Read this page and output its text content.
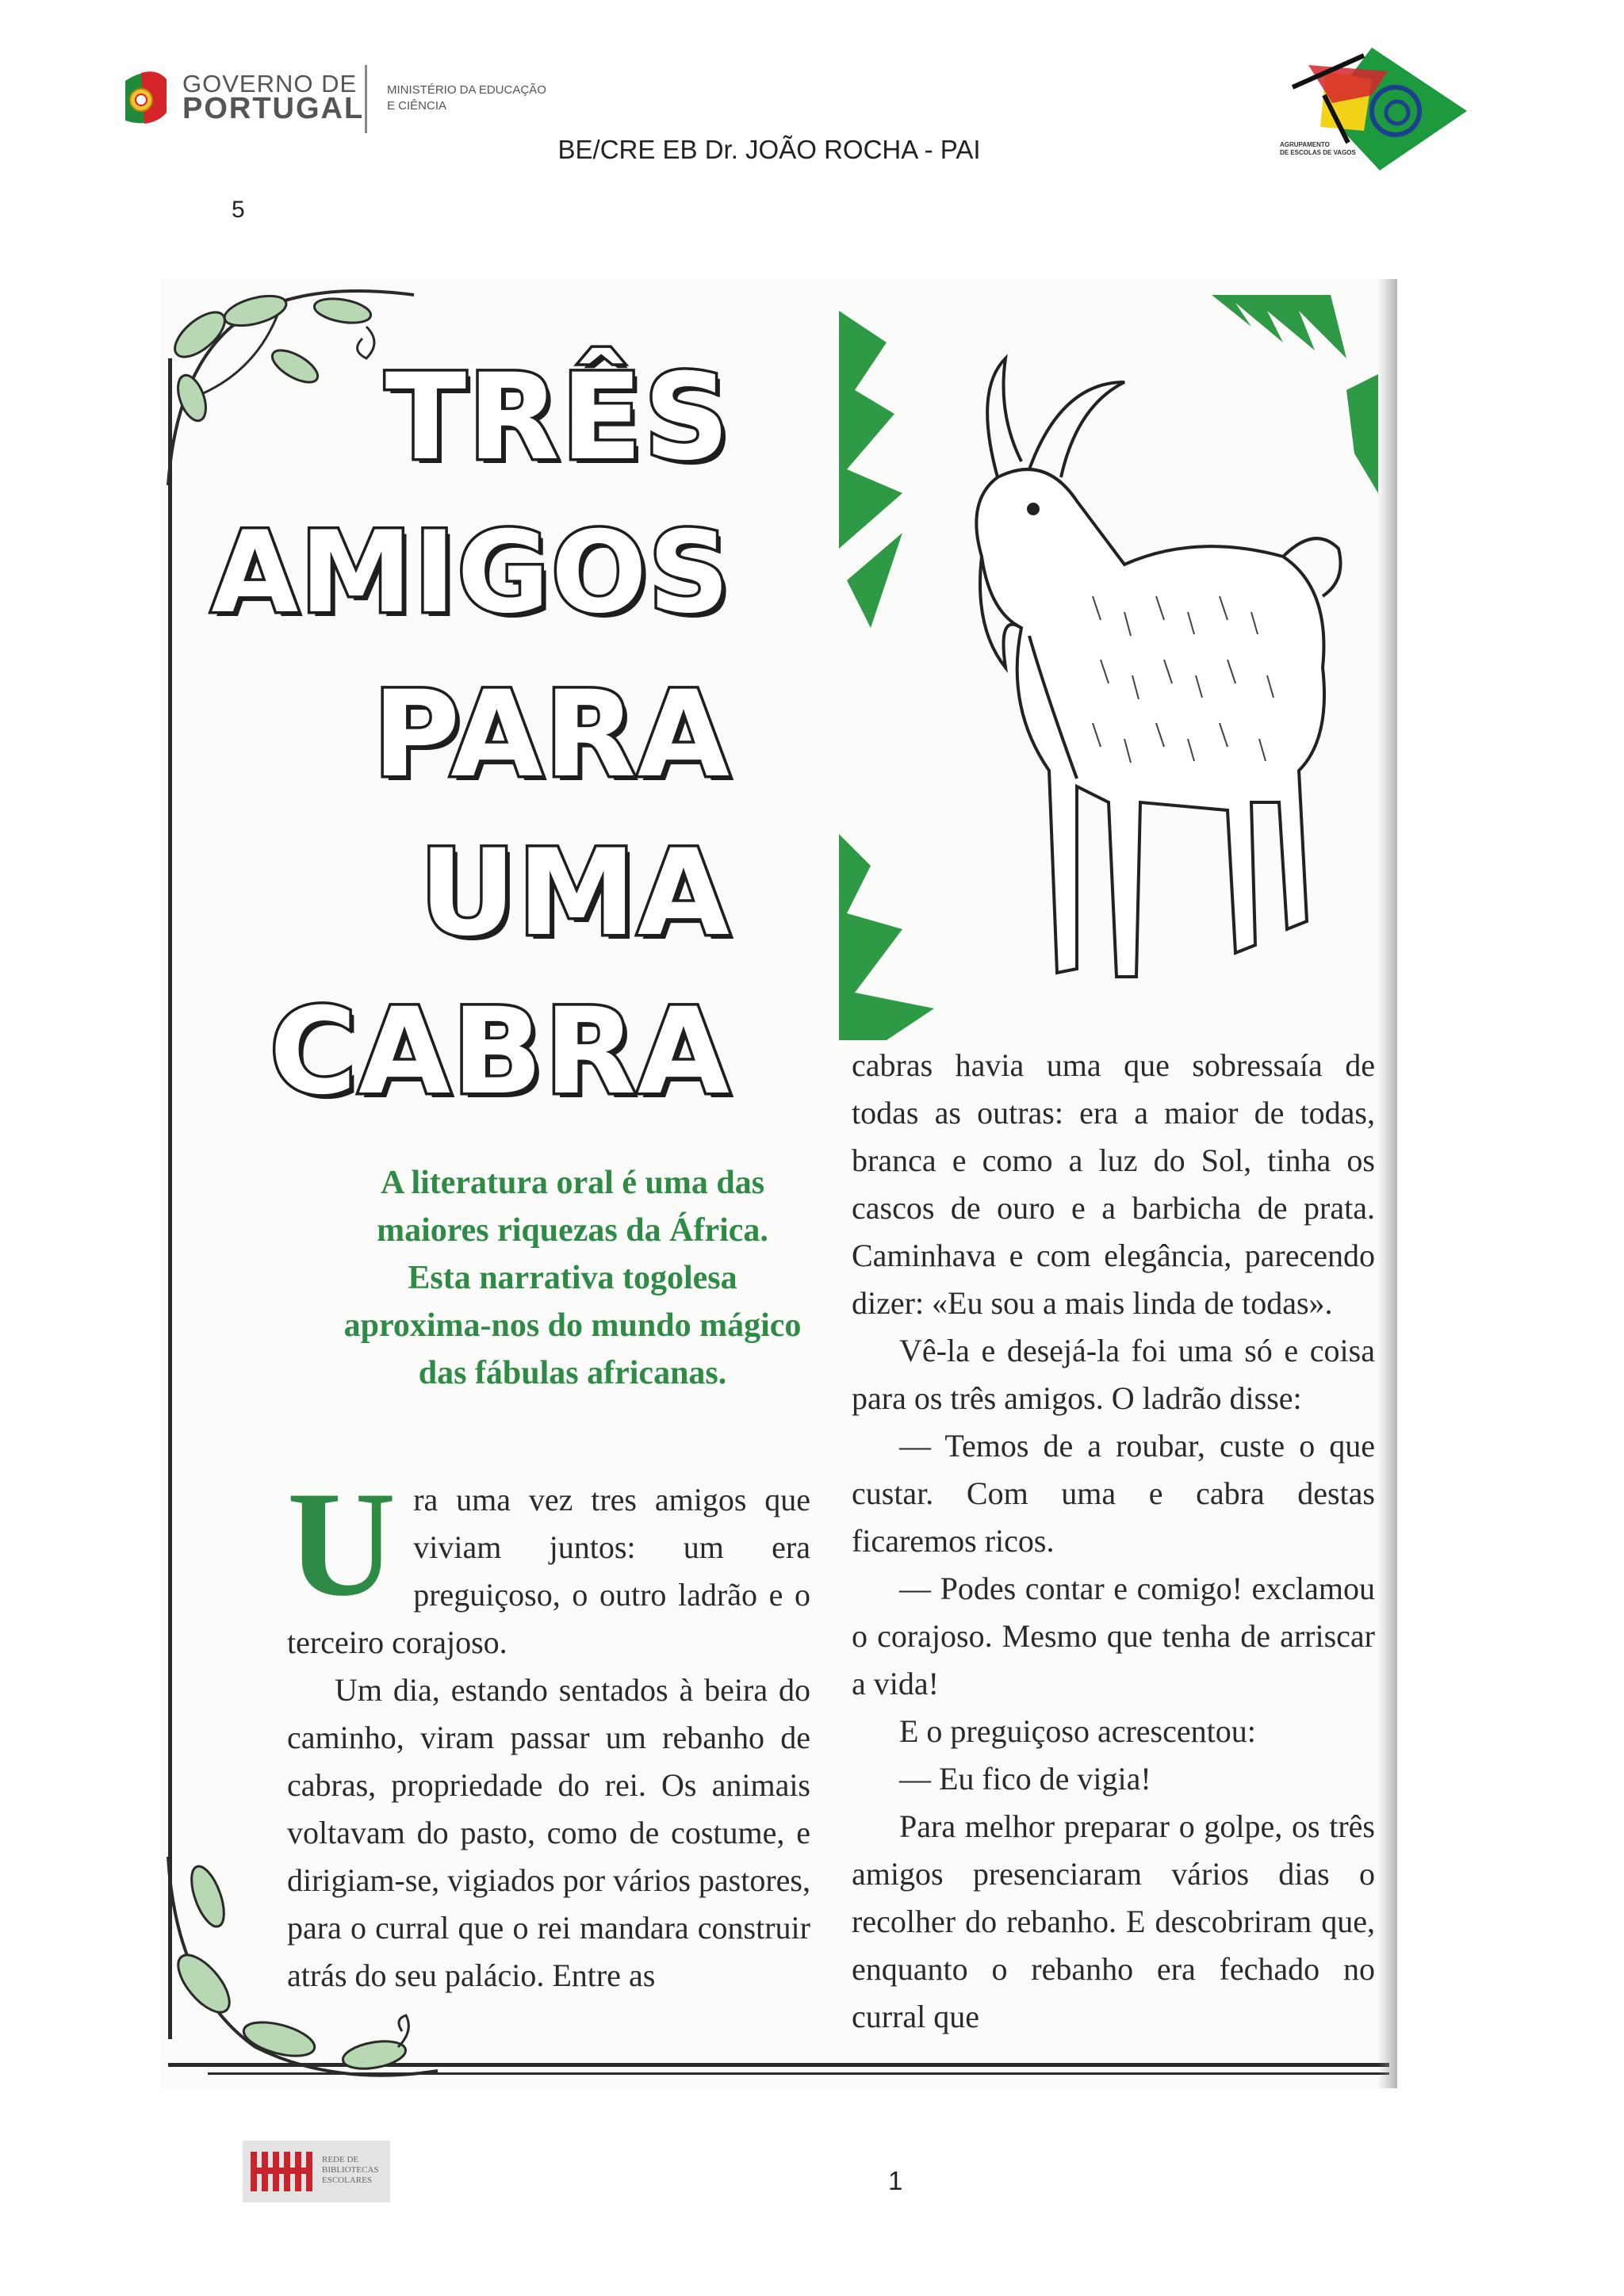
GOVERNO DE
PORTUGAL
MINISTÉRIO DA EDUCAÇÃO
E CIÊNCIA
BE/CRE EB Dr. JOÃO ROCHA - PAI	AGRUPAMENTO
DE ESCOLAS DE VAGOS
5
TRÊS
AMIGOS
PARA
UMA
CABRA
A literatura oral é uma das
maiores riquezas da África.
Esta narrativa togolesa
aproxima-nos do mundo mágico
das fábulas africanas.

U ra uma vez tres amigos que viviam juntos: um era preguiçoso, o outro ladrão e o terceiro corajoso.

Um dia, estando sentados à beira do caminho, viram passar um rebanho de cabras, propriedade do rei. Os animais voltavam do pasto, como de costume, e dirigiam-se, vigiados por vários pastores, para o curral que o rei mandara construir atrás do seu palácio. Entre as

cabras havia uma que sobressaía de todas as outras: era a maior de todas, branca e como a luz do Sol, tinha os cascos de ouro e a barbicha de prata. Caminhava e com elegância, parecendo dizer: «Eu sou a mais linda de todas».

Vê-la e desejá-la foi uma só e coisa para os três amigos. O ladrão disse:

— Temos de a roubar, custe o que custar. Com uma e cabra destas ficaremos ricos.

— Podes contar e comigo! exclamou o corajoso. Mesmo que tenha de arriscar a vida!

E o preguiçoso acrescentou:

— Eu fico de vigia!

Para melhor preparar o golpe, os três amigos presenciaram vários dias o recolher do rebanho. E descobriram que, enquanto o rebanho era fechado no curral que

REDE DE
BIBLIOTECAS
ESCOLARES	1
